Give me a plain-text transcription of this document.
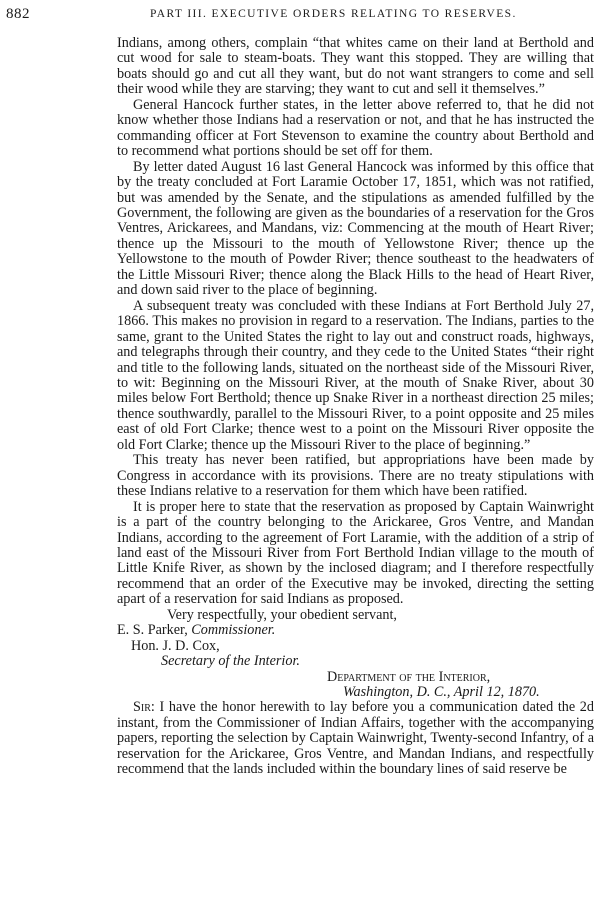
882	PART III. EXECUTIVE ORDERS RELATING TO RESERVES.

Indians, among others, complain “that whites came on their land at Berthold and cut wood for sale to steam-boats. They want this stopped. They are willing that boats should go and cut all they want, but do not want strangers to come and sell their wood while they are starving; they want to cut and sell it themselves.”

General Hancock further states, in the letter above referred to, that he did not know whether those Indians had a reservation or not, and that he has instructed the commanding officer at Fort Stevenson to examine the country about Berthold and to recommend what portions should be set off for them.

By letter dated August 16 last General Hancock was informed by this office that by the treaty concluded at Fort Laramie October 17, 1851, which was not ratified, but was amended by the Senate, and the stipulations as amended fulfilled by the Government, the following are given as the boundaries of a reservation for the Gros Ventres, Arickarees, and Mandans, viz: Commencing at the mouth of Heart River; thence up the Missouri to the mouth of Yellowstone River; thence up the Yellowstone to the mouth of Powder River; thence southeast to the headwaters of the Little Missouri River; thence along the Black Hills to the head of Heart River, and down said river to the place of beginning.

A subsequent treaty was concluded with these Indians at Fort Berthold July 27, 1866. This makes no provision in regard to a reservation. The Indians, parties to the same, grant to the United States the right to lay out and construct roads, highways, and telegraphs through their country, and they cede to the United States “their right and title to the following lands, situated on the northeast side of the Missouri River, to wit: Beginning on the Missouri River, at the mouth of Snake River, about 30 miles below Fort Berthold; thence up Snake River in a northeast direction 25 miles; thence southwardly, parallel to the Missouri River, to a point opposite and 25 miles east of old Fort Clarke; thence west to a point on the Missouri River opposite the old Fort Clarke; thence up the Missouri River to the place of beginning.”

This treaty has never been ratified, but appropriations have been made by Congress in accordance with its provisions. There are no treaty stipulations with these Indians relative to a reservation for them which have been ratified.

It is proper here to state that the reservation as proposed by Captain Wainwright is a part of the country belonging to the Arickaree, Gros Ventre, and Mandan Indians, according to the agreement of Fort Laramie, with the addition of a strip of land east of the Missouri River from Fort Berthold Indian village to the mouth of Little Knife River, as shown by the inclosed diagram; and I therefore respectfully recommend that an order of the Executive may be invoked, directing the setting apart of a reservation for said Indians as proposed.

Very respectfully, your obedient servant,

E. S. Parker, Commissioner.

Hon. J. D. Cox,

Secretary of the Interior.

Department of the Interior,

Washington, D. C., April 12, 1870.

Sir: I have the honor herewith to lay before you a communication dated the 2d instant, from the Commissioner of Indian Affairs, together with the accompanying papers, reporting the selection by Captain Wainwright, Twenty-second Infantry, of a reservation for the Arickaree, Gros Ventre, and Mandan Indians, and respectfully recommend that the lands included within the boundary lines of said reserve be
